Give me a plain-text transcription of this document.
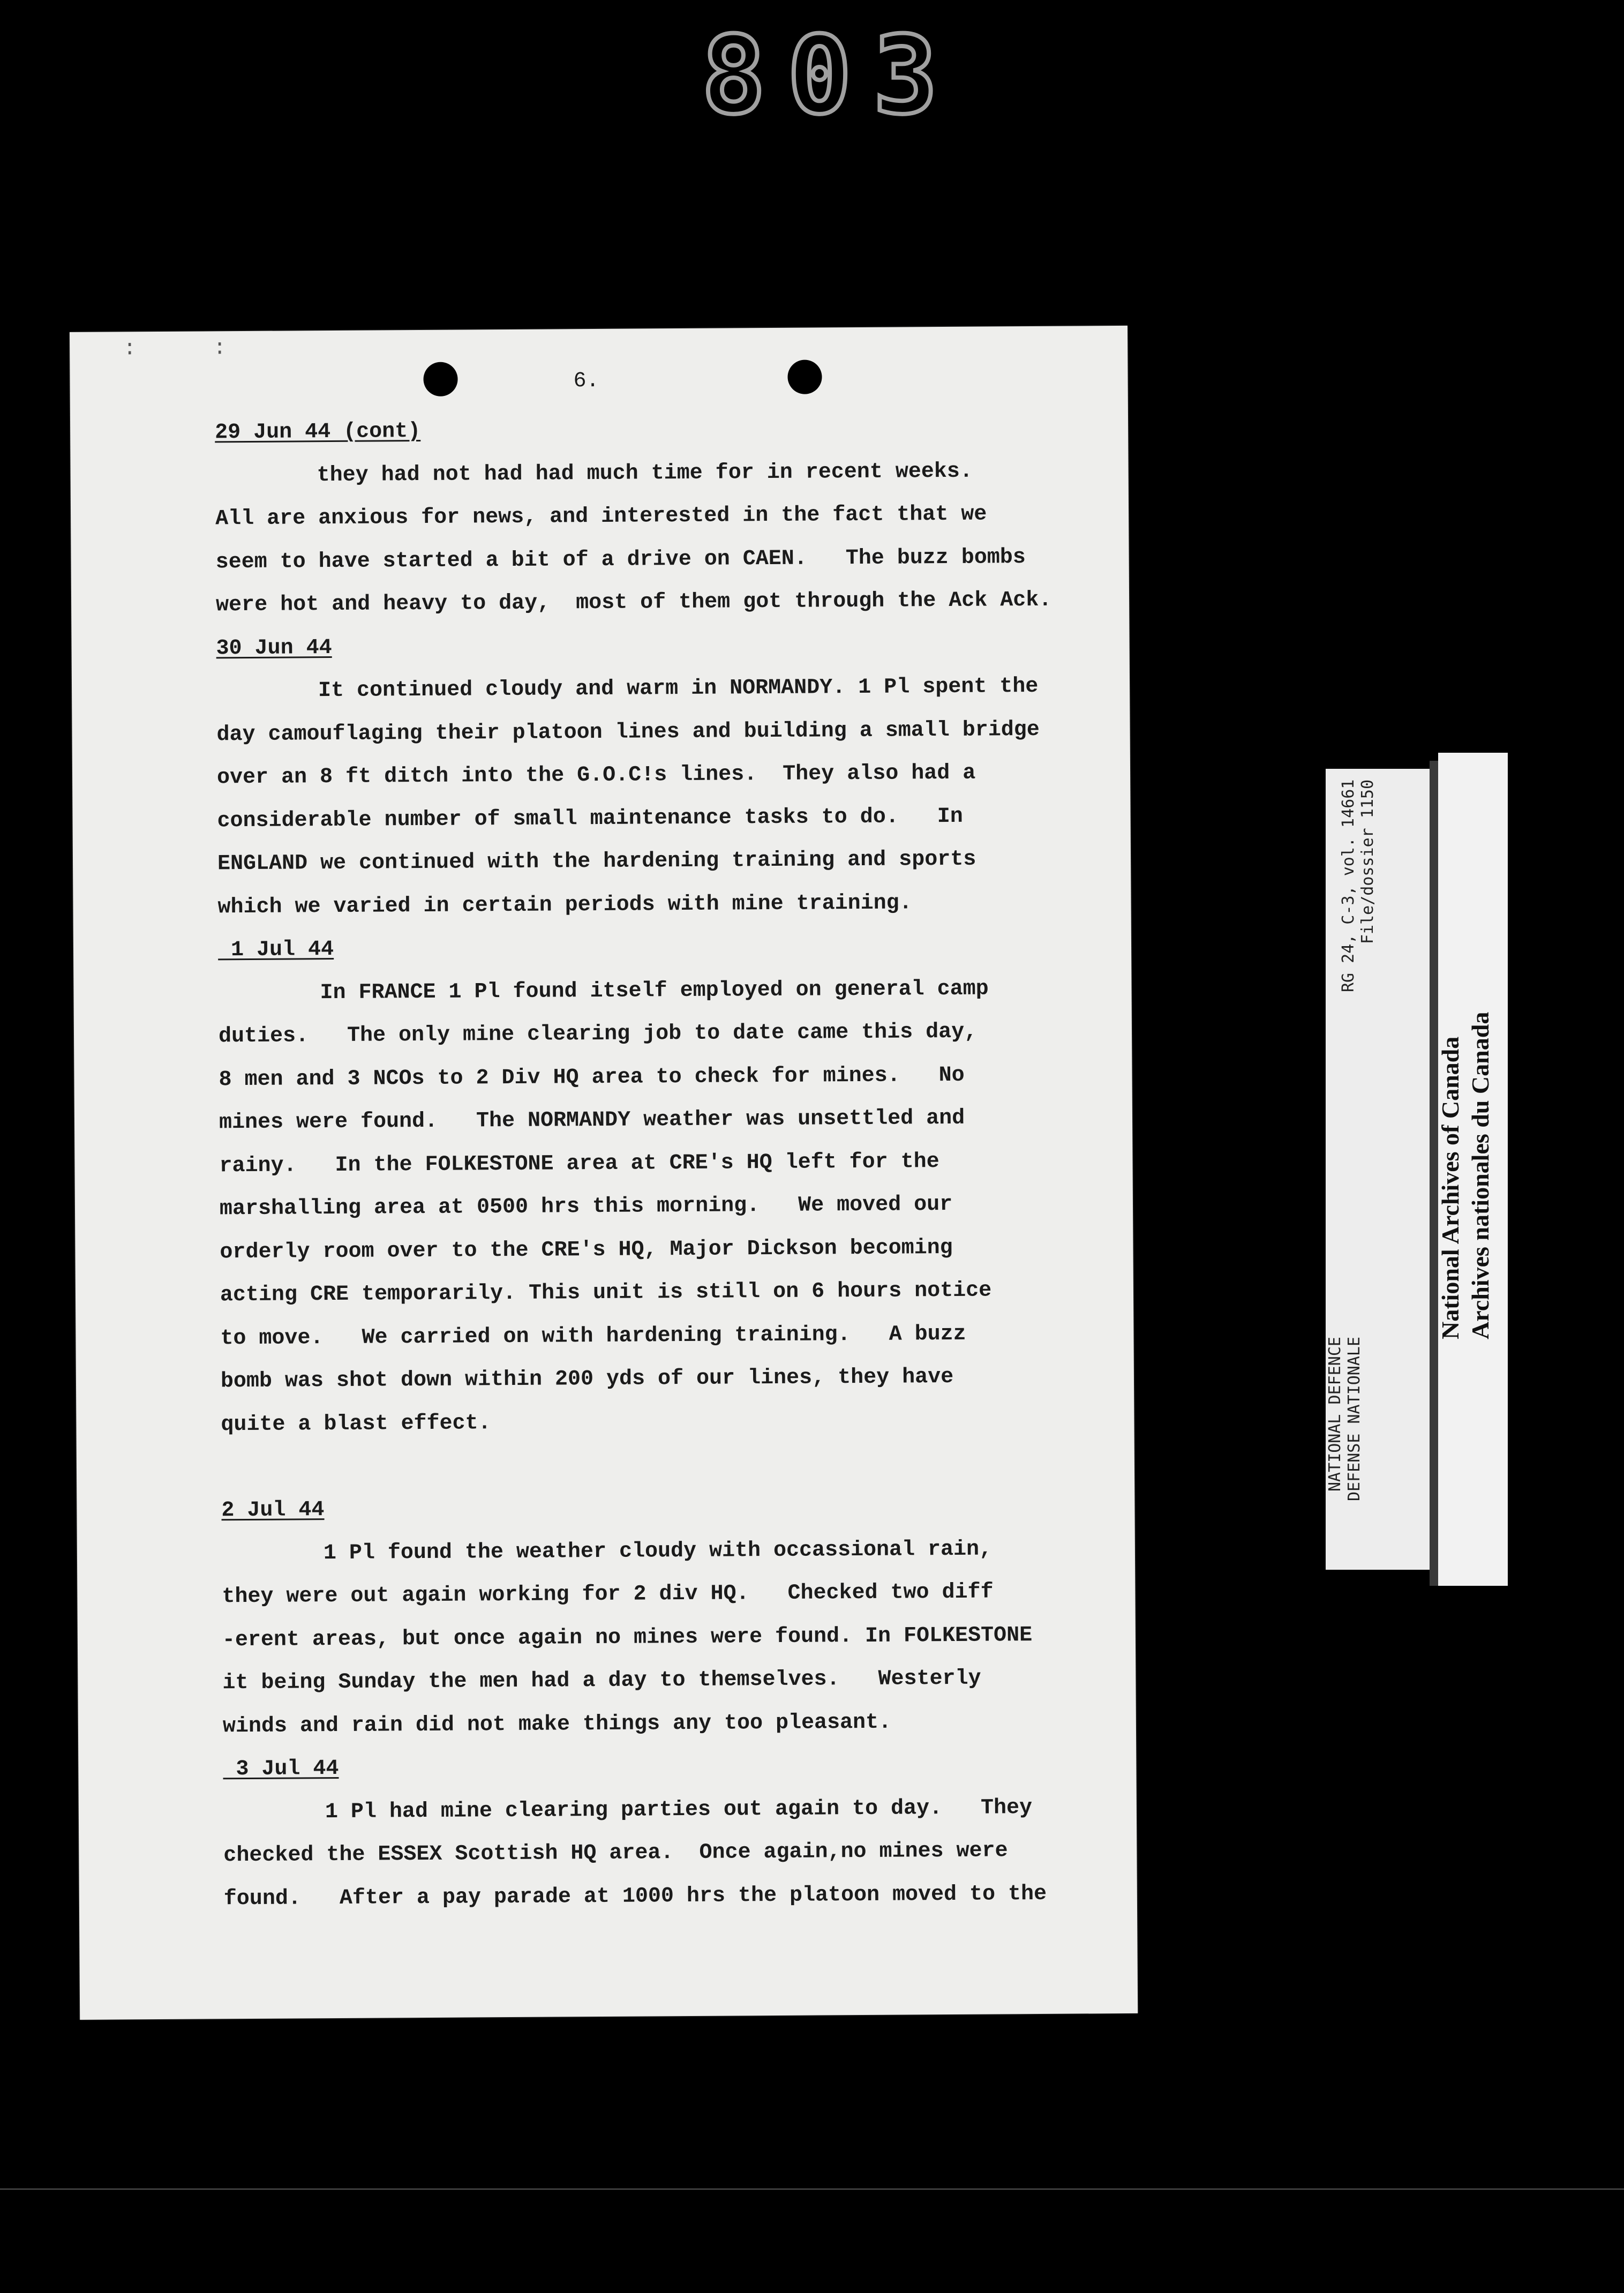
803
: :
6.
29 Jun 44 (cont)
they had not had had much time for in recent weeks.
All are anxious for news, and interested in the fact that we
seem to have started a bit of a drive on CAEN.   The buzz bombs
were hot and heavy to day,  most of them got through the Ack Ack.
30 Jun 44
It continued cloudy and warm in NORMANDY. 1 Pl spent the
day camouflaging their platoon lines and building a small bridge
over an 8 ft ditch into the G.O.C!s lines.  They also had a
considerable number of small maintenance tasks to do.   In
ENGLAND we continued with the hardening training and sports
which we varied in certain periods with mine training.
1 Jul 44
In FRANCE 1 Pl found itself employed on general camp
duties.   The only mine clearing job to date came this day,
8 men and 3 NCOs to 2 Div HQ area to check for mines.   No
mines were found.   The NORMANDY weather was unsettled and
rainy.   In the FOLKESTONE area at CRE's HQ left for the
marshalling area at 0500 hrs this morning.   We moved our
orderly room over to the CRE's HQ, Major Dickson becoming
acting CRE temporarily. This unit is still on 6 hours notice
to move.   We carried on with hardening training.   A buzz
bomb was shot down within 200 yds of our lines, they have
quite a blast effect.
2 Jul 44
1 Pl found the weather cloudy with occassional rain,
they were out again working for 2 div HQ.   Checked two diff
-erent areas, but once again no mines were found. In FOLKESTONE
it being Sunday the men had a day to themselves.   Westerly
winds and rain did not make things any too pleasant.
3 Jul 44
1 Pl had mine clearing parties out again to day.   They
checked the ESSEX Scottish HQ area.  Once again,no mines were
found.   After a pay parade at 1000 hrs the platoon moved to the
RG 24, C-3, vol. 14661 File/dossier 1150
NATIONAL DEFENCE DEFENSE NATIONALE
National Archives of Canada Archives nationales du Canada
